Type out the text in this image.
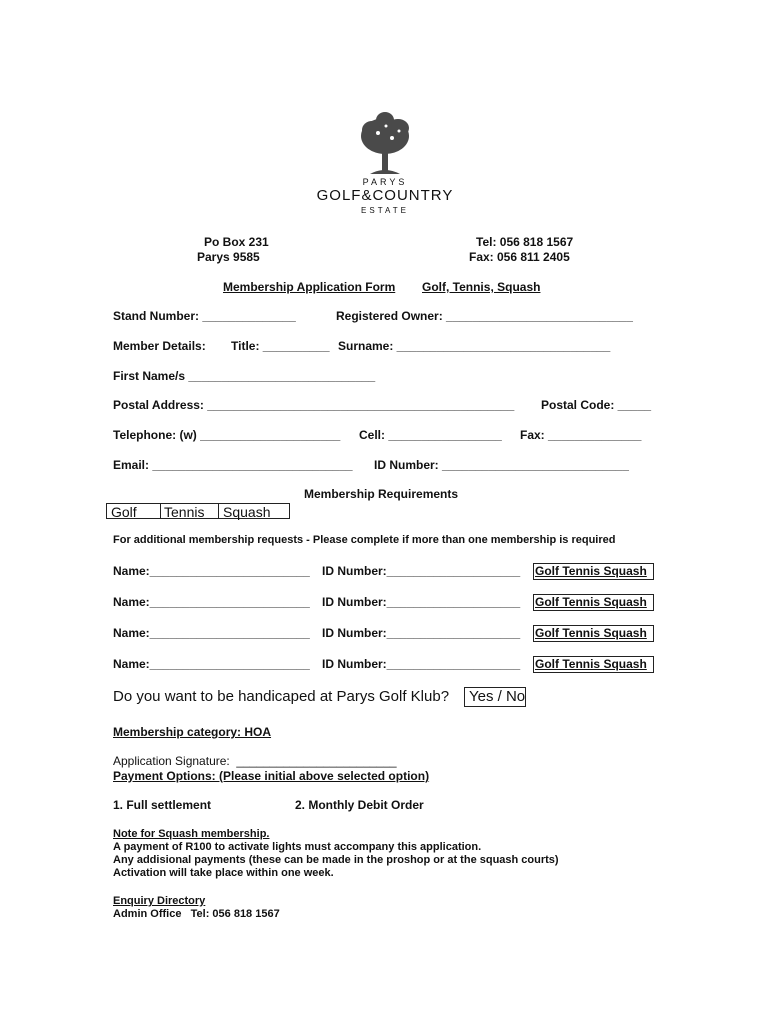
PARYS
GOLF&COUNTRY
ESTATE
Po Box 231
Parys 9585
Tel: 056 818 1567
Fax: 056 811 2405
Membership Application Form Golf, Tennis, Squash
Stand Number: ______________	Registered Owner: ____________________________
Member Details: Title: __________ Surname: ________________________________
First Name/s ____________________________
Postal Address: ______________________________________________ Postal Code: _____
Telephone: (w) _____________________ Cell: _________________ Fax: ______________
Email: ______________________________ ID Number: ____________________________
Membership Requirements
Golf	Tennis	Squash
For additional membership requests - Please complete if more than one membership is required
Name:________________________ ID Number:____________________ Golf Tennis Squash
Name:________________________ ID Number:____________________ Golf Tennis Squash
Name:________________________ ID Number:____________________ Golf Tennis Squash
Name:________________________ ID Number:____________________ Golf Tennis Squash
Do you want to be handicaped at Parys Golf Klub?	Yes / No
Membership category: HOA
Application Signature:  ________________________
Payment Options: (Please initial above selected option)
1. Full settlement	2. Monthly Debit Order
Note for Squash membership.
A payment of R100 to activate lights must accompany this application.
Any addisional payments (these can be made in the proshop or at the squash courts)
Activation will take place within one week.
Enquiry Directory
Admin Office   Tel: 056 818 1567
